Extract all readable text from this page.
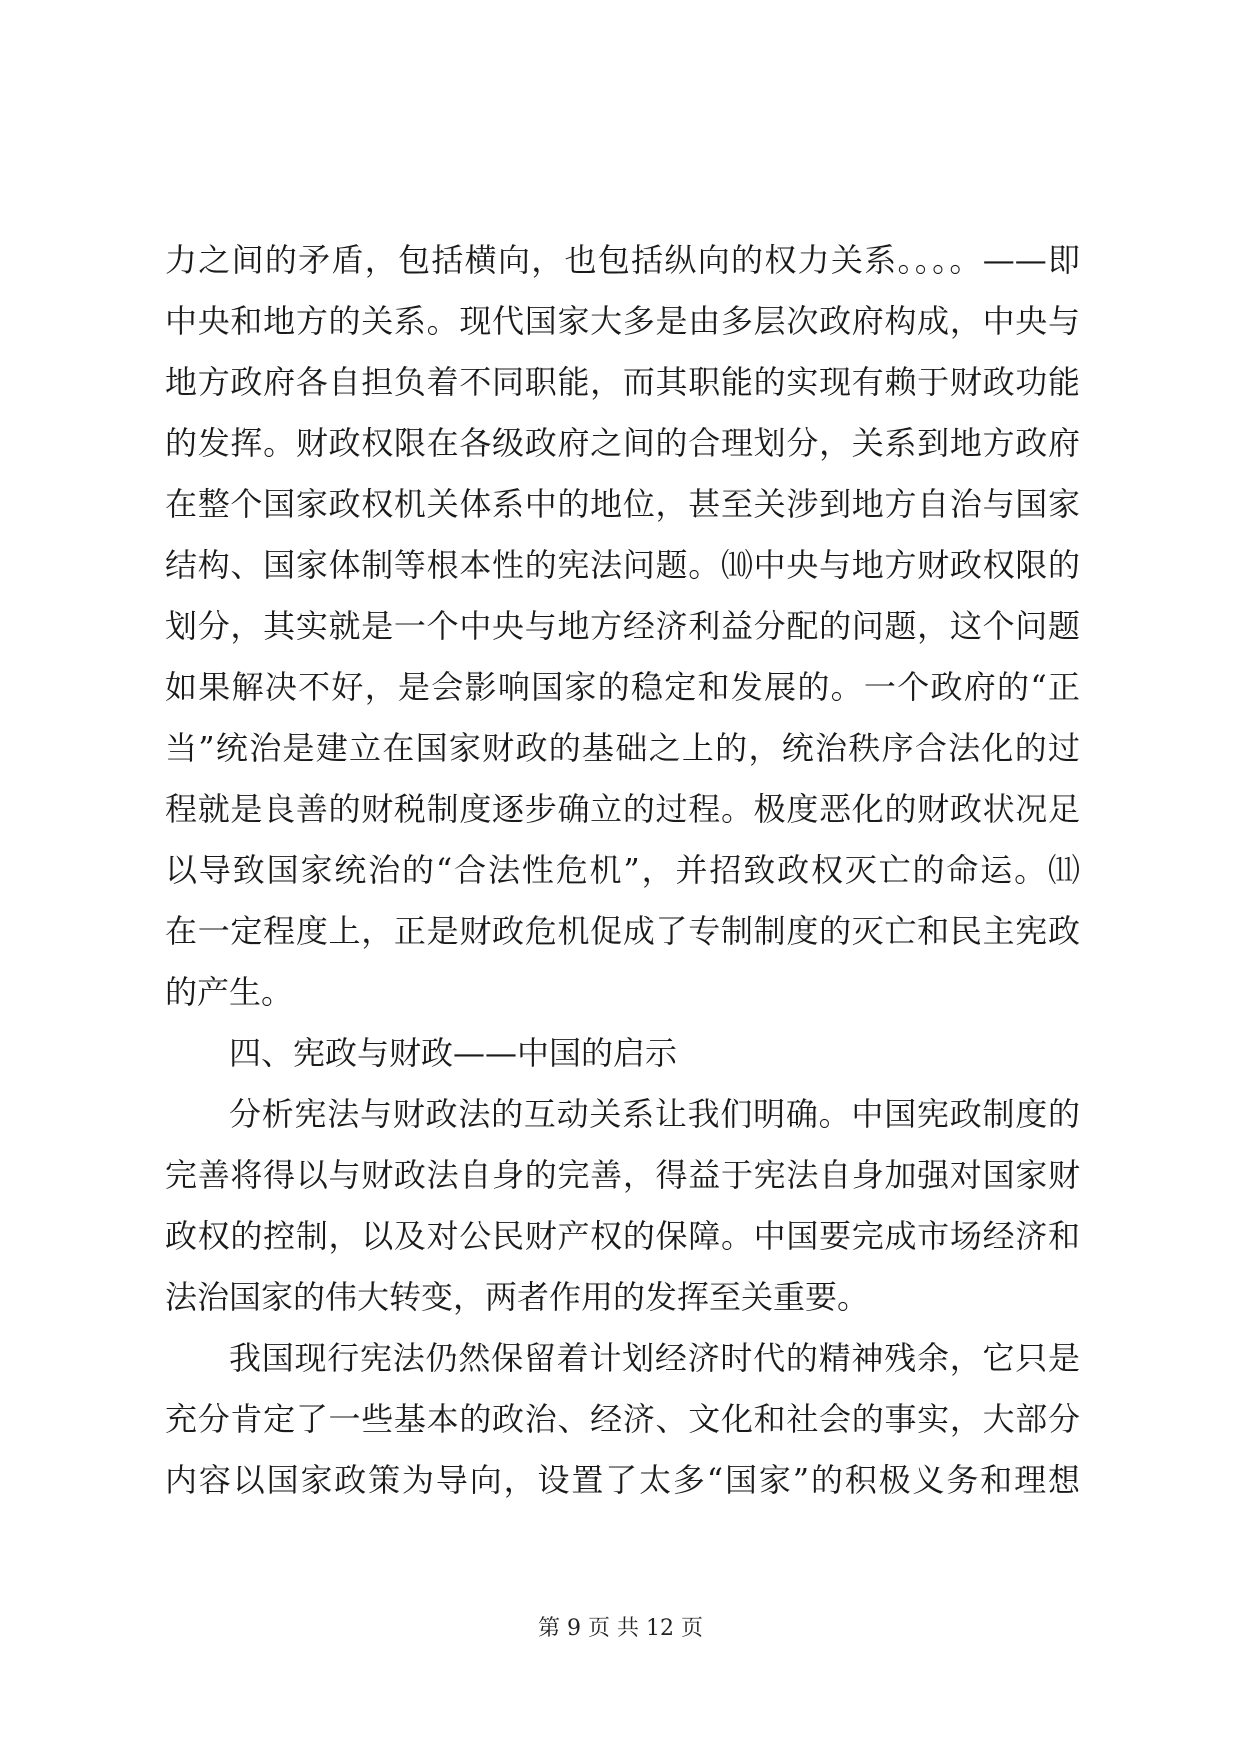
力之间的矛盾，包括横向，也包括纵向的权力关系。。。。——即
中央和地方的关系。现代国家大多是由多层次政府构成，中央与
地方政府各自担负着不同职能，而其职能的实现有赖于财政功能
的发挥。财政权限在各级政府之间的合理划分，关系到地方政府
在整个国家政权机关体系中的地位，甚至关涉到地方自治与国家
结构、国家体制等根本性的宪法问题。⑽中央与地方财政权限的
划分，其实就是一个中央与地方经济利益分配的问题，这个问题
如果解决不好，是会影响国家的稳定和发展的。一个政府的“正
当”统治是建立在国家财政的基础之上的，统治秩序合法化的过
程就是良善的财税制度逐步确立的过程。极度恶化的财政状况足
以导致国家统治的“合法性危机”，并招致政权灭亡的命运。⑾
在一定程度上，正是财政危机促成了专制制度的灭亡和民主宪政
的产生。
四、宪政与财政——中国的启示
分析宪法与财政法的互动关系让我们明确。中国宪政制度的
完善将得以与财政法自身的完善，得益于宪法自身加强对国家财
政权的控制，以及对公民财产权的保障。中国要完成市场经济和
法治国家的伟大转变，两者作用的发挥至关重要。
我国现行宪法仍然保留着计划经济时代的精神残余，它只是
充分肯定了一些基本的政治、经济、文化和社会的事实，大部分
内容以国家政策为导向，设置了太多“国家”的积极义务和理想
第 9 页 共 12 页
